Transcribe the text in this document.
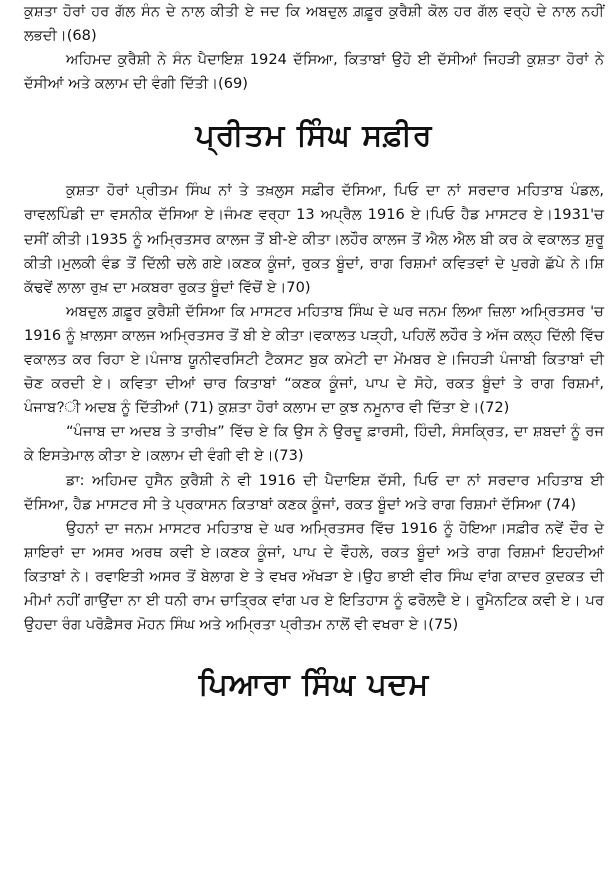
ਕੁਸ਼ਤਾ ਹੋਰਾਂ ਹਰ ਗੱਲ ਸੰਨ ਦੇ ਨਾਲ ਕੀਤੀ ਏ ਜਦ ਕਿ ਅਬਦੁਲ ਗ਼ਫ਼ੂਰ ਕੁਰੈਸ਼ੀ ਕੋਲ ਹਰ ਗੱਲ ਵਰ੍ਹੇ ਦੇ ਨਾਲ ਨਹੀਂ ਲਭਦੀ।(68)

ਅਹਿਮਦ ਕੁਰੈਸ਼ੀ ਨੇ ਸੰਨ ਪੈਦਾਇਸ਼ 1924 ਦੱਸਿਆ, ਕਿਤਾਬਾਂ ਉਹੋ ਈ ਦੱਸੀਆਂ ਜਿਹੜੀ ਕੁਸ਼ਤਾ ਹੋਰਾਂ ਨੇ ਦੱਸੀਆਂ ਅਤੇ ਕਲਾਮ ਦੀ ਵੰਗੀ ਦਿੱਤੀ।(69)

ਪ੍ਰੀਤਮ ਸਿੰਘ ਸਫ਼ੀਰ

ਕੁਸ਼ਤਾ ਹੋਰਾਂ ਪ੍ਰੀਤਮ ਸਿੰਘ ਨਾਂ ਤੇ ਤਖ਼ਲੁਸ ਸਫ਼ੀਰ ਦੱਸਿਆ, ਪਿਓ ਦਾ ਨਾਂ ਸਰਦਾਰ ਮਹਿਤਾਬ ਪੰਡਲ, ਰਾਵਲਪਿੰਡੀ ਦਾ ਵਸਨੀਕ ਦੱਸਿਆ ਏ।ਜੰਮਣ ਵਰ੍ਹਾ 13 ਅਪ੍ਰੈਲ 1916 ਏ।ਪਿਓ ਹੈਡ ਮਾਸਟਰ ਏ।1931'ਚ ਦਸੀਂ ਕੀਤੀ।1935 ਨੂੰ ਅਮ੍ਰਿਤਸਰ ਕਾਲਜ ਤੋਂ ਬੀ-ਏ ਕੀਤਾ।ਲਹੌਰ ਕਾਲਜ ਤੋਂ ਐਲ ਐਲ ਬੀ ਕਰ ਕੇ ਵਕਾਲਤ ਸ਼ੁਰੂ ਕੀਤੀ।ਮੁਲਕੀ ਵੰਡ ਤੋਂ ਦਿੱਲੀ ਚਲੇ ਗਏ।ਕਣਕ ਕੂੰਜਾਂ, ਰੁਕਤ ਬੂੰਦਾਂ, ਰਾਗ ਰਿਸ਼ਮਾਂ ਕਵਿਤਵਾਂ ਦੇ ਪੁਰਗੇ ਛੱਪੇ ਨੇ।ਸ਼ਿ ਕੱਢਵੇਂ ਲਾਲਾ ਰੁਖ਼ ਦਾ ਮਕਬਰਾ ਰੁਕਤ ਬੂੰਦਾਂ ਵਿੱਚੋਂ ਏ।70)

ਅਬਦੁਲ ਗ਼ਫ਼ੂਰ ਕੁਰੈਸ਼ੀ ਦੱਸਿਆ ਕਿ ਮਾਸਟਰ ਮਹਿਤਾਬ ਸਿੰਘ ਦੇ ਘਰ ਜਨਮ ਲਿਆ ਜ਼ਿਲਾ ਅਮ੍ਰਿਤਸਰ 'ਚ 1916 ਨੂੰ ਖ਼ਾਲਸਾ ਕਾਲਜ ਅਮ੍ਰਿਤਸਰ ਤੋਂ ਬੀ ਏ ਕੀਤਾ।ਵਕਾਲਤ ਪੜ੍ਹੀ, ਪਹਿਲੋਂ ਲਹੌਰ ਤੇ ਅੱਜ ਕਲ੍ਹ ਦਿੱਲੀ ਵਿੱਚ ਵਕਾਲਤ ਕਰ ਰਿਹਾ ਏ।ਪੰਜਾਬ ਯੂਨੀਵਰਸਿਟੀ ਟੈਕਸਟ ਬੁਕ ਕਮੇਟੀ ਦਾ ਮੇਂਮਬਰ ਏ।ਜਿਹੜੀ ਪੰਜਾਬੀ ਕਿਤਾਬਾਂ ਦੀ ਚੋਣ ਕਰਦੀ ਏ। ਕਵਿਤਾ ਦੀਆਂ ਚਾਰ ਕਿਤਾਬਾਂ “ਕਣਕ ਕੂੰਜਾਂ, ਪਾਪ ਦੇ ਸੋਹੇ, ਰਕਤ ਬੂੰਦਾਂ ਤੇ ਰਾਗ ਰਿਸ਼ਮਾਂ, ਪੰਜਾਬ?ੀ ਅਦਬ ਨੂੰ ਦਿੱਤੀਆਂ (71) ਕੁਸ਼ਤਾ ਹੋਰਾਂ ਕਲਾਮ ਦਾ ਕੁਝ ਨਮੂਨਾਰ ਵੀ ਦਿੱਤਾ ਏ।(72)

“ਪੰਜਾਬ ਦਾ ਅਦਬ ਤੇ ਤਾਰੀਖ਼” ਵਿੱਚ ਏ ਕਿ ਉਸ ਨੇ ਉਰਦੂ ਫ਼ਾਰਸੀ, ਹਿੰਦੀ, ਸੰਸਕ੍ਰਿਤ, ਦਾ ਸ਼ਬਦਾਂ ਨੂੰ ਰਜ ਕੇ ਇਸਤੇਮਾਲ ਕੀਤਾ ਏ।ਕਲਾਮ ਦੀ ਵੰਗੀ ਵੀ ਏ।(73)

ਡਾ: ਅਹਿਮਦ ਹੁਸੈਨ ਕੁਰੈਸ਼ੀ ਨੇ ਵੀ 1916 ਦੀ ਪੈਦਾਇਸ਼ ਦੱਸੀ, ਪਿਓ ਦਾ ਨਾਂ ਸਰਦਾਰ ਮਹਿਤਾਬ ਈ ਦੱਸਿਆ, ਹੈਡ ਮਾਸਟਰ ਸੀ ਤੇ ਪ੍ਰਕਾਸਨ ਕਿਤਾਬਾਂ ਕਣਕ ਕੂੰਜਾਂ, ਰਕਤ ਬੂੰਦਾਂ ਅਤੇ ਰਾਗ ਰਿਸ਼ਮਾਂ ਦੱਸਿਆ (74)

ਉਹਨਾਂ ਦਾ ਜਨਮ ਮਾਸਟਰ ਮਹਿਤਾਬ ਦੇ ਘਰ ਅਮ੍ਰਿਤਸਰ ਵਿੱਚ 1916 ਨੂੰ ਹੋਇਆ।ਸਫ਼ੀਰ ਨਵੇਂ ਦੌਰ ਦੇ ਸ਼ਾਇਰਾਂ ਦਾ ਅਸਰ ਅਰਥ ਕਵੀ ਏ।ਕਣਕ ਕੂੰਜਾਂ, ਪਾਪ ਦੇ ਵੌਹਲੇ, ਰਕਤ ਬੂੰਦਾਂ ਅਤੇ ਰਾਗ ਰਿਸ਼ਮਾਂ ਇਹਦੀਆਂ ਕਿਤਾਬਾਂ ਨੇ। ਰਵਾਇਤੀ ਅਸਰ ਤੋਂ ਬੇਲਾਗ ਏ ਤੇ ਵਖਰ ਅੱਖੜਾ ਏ।ਉਹ ਭਾਈ ਵੀਰ ਸਿੰਘ ਵਾਂਗ ਕਾਦਰ ਕੁਦਕਤ ਦੀ ਮੀਮਾਂ ਨਹੀਂ ਗਾਉਂਦਾ ਨਾ ਈ ਧਨੀ ਰਾਮ ਚਾਤ੍ਰਿਕ ਵਾਂਗ ਪਰ ਏ ਇਤਿਹਾਸ ਨੂੰ ਫਰੋਲਦੈ ਏ। ਰੂਮੈਨਟਿਕ ਕਵੀ ਏ। ਪਰ ਉਹਦਾ ਰੰਗ ਪਰੋਫ਼ੈਸਰ ਮੋਹਨ ਸਿੰਘ ਅਤੇ ਅਮ੍ਰਿਤਾ ਪ੍ਰੀਤਮ ਨਾਲੋਂ ਵੀ ਵਖਰਾ ਏ।(75)

ਪਿਆਰਾ ਸਿੰਘ ਪਦਮ
